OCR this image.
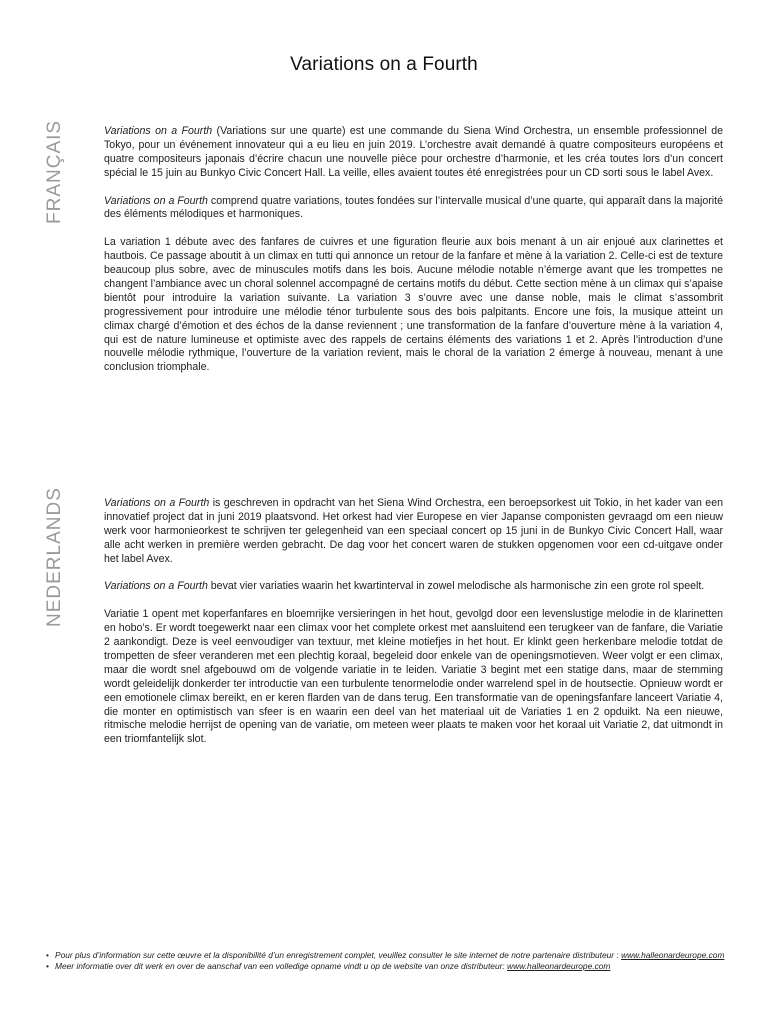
Variations on a Fourth
FRANÇAIS	Variations on a Fourth (Variations sur une quarte) est une commande du Siena Wind Orchestra, un ensemble professionnel de Tokyo, pour un événement innovateur qui a eu lieu en juin 2019. L’orchestre avait demandé à quatre compositeurs européens et quatre compositeurs japonais d’écrire chacun une nouvelle pièce pour orchestre d’harmonie, et les créa toutes lors d’un concert spécial le 15 juin au Bunkyo Civic Concert Hall. La veille, elles avaient toutes été enregistrées pour un CD sorti sous le label Avex.

Variations on a Fourth comprend quatre variations, toutes fondées sur l’intervalle musical d’une quarte, qui apparaît dans la majorité des éléments mélodiques et harmoniques.

La variation 1 débute avec des fanfares de cuivres et une figuration fleurie aux bois menant à un air enjoué aux clarinettes et hautbois. Ce passage aboutit à un climax en tutti qui annonce un retour de la fanfare et mène à la variation 2. Celle-ci est de texture beaucoup plus sobre, avec de minuscules motifs dans les bois. Aucune mélodie notable n’émerge avant que les trompettes ne changent l’ambiance avec un choral solennel accompagné de certains motifs du début. Cette section mène à un climax qui s’apaise bientôt pour introduire la variation suivante. La variation 3 s’ouvre avec une danse noble, mais le climat s’assombrit progressivement pour introduire une mélodie ténor turbulente sous des bois palpitants. Encore une fois, la musique atteint un climax chargé d’émotion et des échos de la danse reviennent ; une transformation de la fanfare d’ouverture mène à la variation 4, qui est de nature lumineuse et optimiste avec des rappels de certains éléments des variations 1 et 2. Après l’introduction d’une nouvelle mélodie rythmique, l’ouverture de la variation revient, mais le choral de la variation 2 émerge à nouveau, menant à une conclusion triomphale.

NEDERLANDS	Variations on a Fourth is geschreven in opdracht van het Siena Wind Orchestra, een beroepsorkest uit Tokio, in het kader van een innovatief project dat in juni 2019 plaatsvond. Het orkest had vier Europese en vier Japanse componisten gevraagd om een nieuw werk voor harmonieorkest te schrijven ter gelegenheid van een speciaal concert op 15 juni in de Bunkyo Civic Concert Hall, waar alle acht werken in première werden gebracht. De dag voor het concert waren de stukken opgenomen voor een cd-uitgave onder het label Avex.

Variations on a Fourth bevat vier variaties waarin het kwartinterval in zowel melodische als harmonische zin een grote rol speelt.

Variatie 1 opent met koperfanfares en bloemrijke versieringen in het hout, gevolgd door een levenslustige melodie in de klarinetten en hobo’s. Er wordt toegewerkt naar een climax voor het complete orkest met aansluitend een terugkeer van de fanfare, die Variatie 2 aankondigt. Deze is veel eenvoudiger van textuur, met kleine motiefjes in het hout. Er klinkt geen herkenbare melodie totdat de trompetten de sfeer veranderen met een plechtig koraal, begeleid door enkele van de openingsmotieven. Weer volgt er een climax, maar die wordt snel afgebouwd om de volgende variatie in te leiden. Variatie 3 begint met een statige dans, maar de stemming wordt geleidelijk donkerder ter introductie van een turbulente tenormelodie onder warrelend spel in de houtsectie. Opnieuw wordt er een emotionele climax bereikt, en er keren flarden van de dans terug. Een transformatie van de openingsfanfare lanceert Variatie 4, die monter en optimistisch van sfeer is en waarin een deel van het materiaal uit de Variaties 1 en 2 opduikt. Na een nieuwe, ritmische melodie herrijst de opening van de variatie, om meteen weer plaats te maken voor het koraal uit Variatie 2, dat uitmondt in een triomfantelijk slot.

• Pour plus d’information sur cette œuvre et la disponibilité d’un enregistrement complet, veuillez consulter le site internet de notre partenaire distributeur : www.halleonardeurope.com
• Meer informatie over dit werk en over de aanschaf van een volledige opname vindt u op de website van onze distributeur: www.halleonardeurope.com
